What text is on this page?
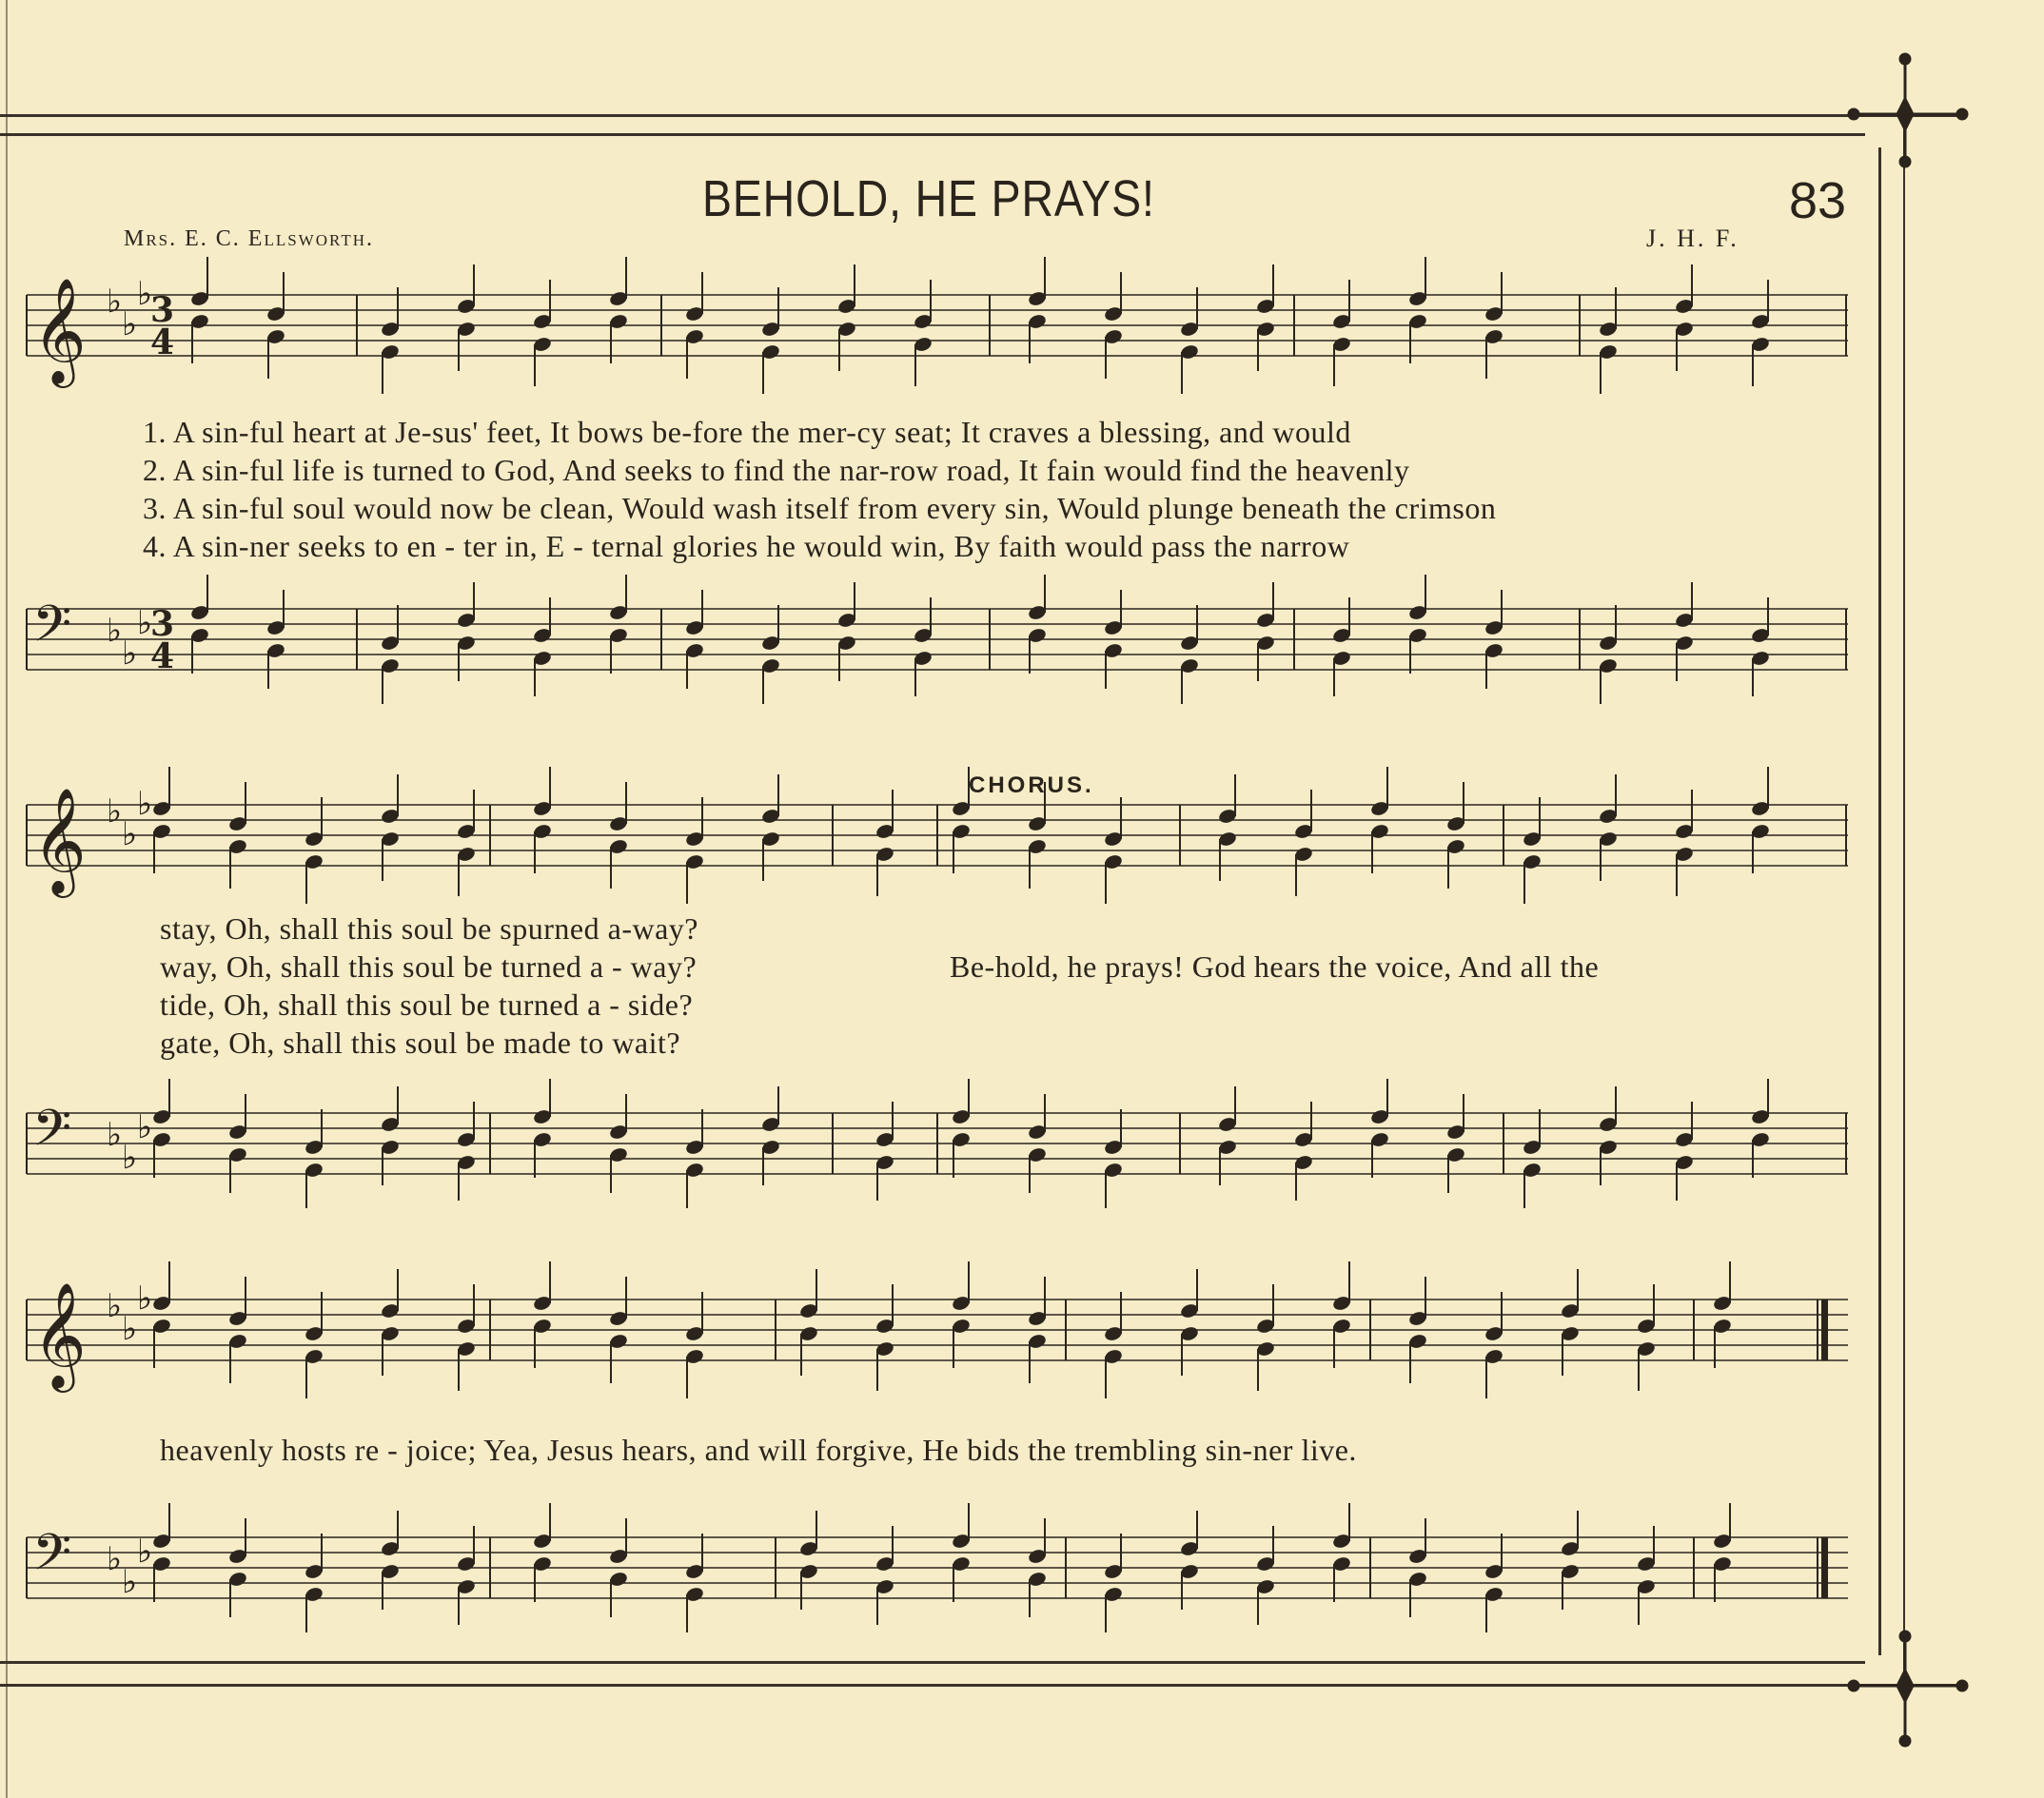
BEHOLD, HE PRAYS!	83
Mrs. E. C. Ellsworth.	J. H. F.
1. A sin-ful heart at Je-sus' feet, It bows be-fore the mer-cy seat; It craves a blessing, and would
2. A sin-ful life is turned to God, And seeks to find the nar-row road, It fain would find the heavenly
3. A sin-ful soul would now be clean, Would wash itself from every sin, Would plunge beneath the crimson
4. A sin-ner seeks to en - ter in, E - ternal glories he would win, By faith would pass the narrow
CHORUS.
stay, Oh, shall this soul be spurned a-way?
way, Oh, shall this soul be turned a - way?
tide, Oh, shall this soul be turned a - side?
gate, Oh, shall this soul be made to wait?
Be-hold, he prays! God hears the voice, And all the
heavenly hosts re - joice; Yea, Jesus hears, and will forgive, He bids the trembling sin-ner live.
𝄞 ♭
♭
♭
3
4
𝄢 ♭
♭
♭
3
4
𝄞 ♭
♭
♭
𝄢 ♭
♭
♭
𝄞 ♭
♭
♭
𝄢 ♭
♭
♭
